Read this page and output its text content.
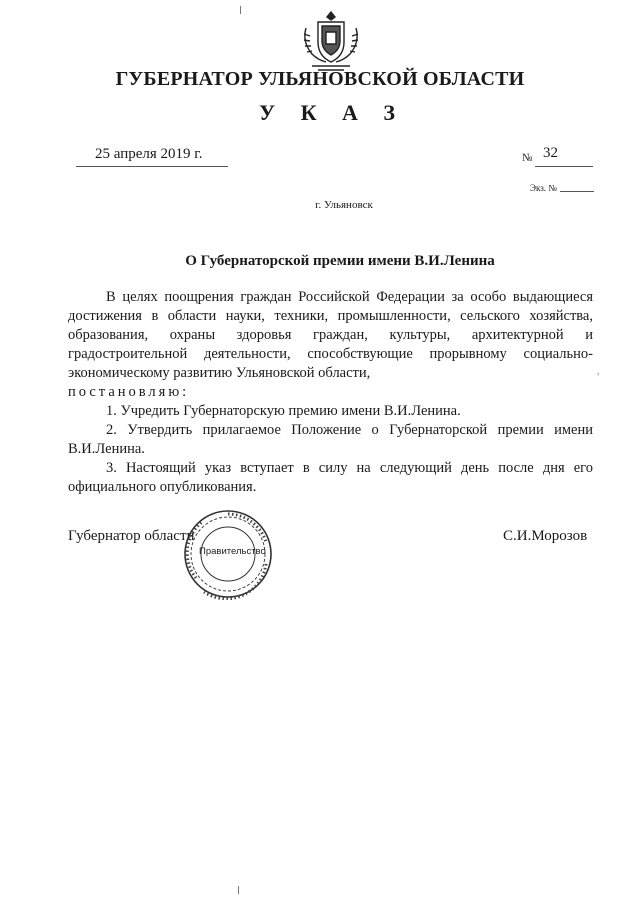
ГУБЕРНАТОР УЛЬЯНОВСКОЙ ОБЛАСТИ
У К А З
25 апреля 2019 г.	№ 32
Экз. №
г. Ульяновск
О Губернаторской премии имени В.И.Ленина

В целях поощрения граждан Российской Федерации за особо выдающиеся достижения в области науки, техники, промышленности, сельского хозяйства, образования, охраны здоровья граждан, культуры, архитектурной и градостроительной деятельности, способствующие прорывному социально-экономическому развитию Ульяновской области,

постановляю:

1. Учредить Губернаторскую премию имени В.И.Ленина.

2. Утвердить прилагаемое Положение о Губернаторской премии имени В.И.Ленина.

3. Настоящий указ вступает в силу на следующий день после дня его официального опубликования.

,
Губернатор области	С.И.Морозов
Правительство
